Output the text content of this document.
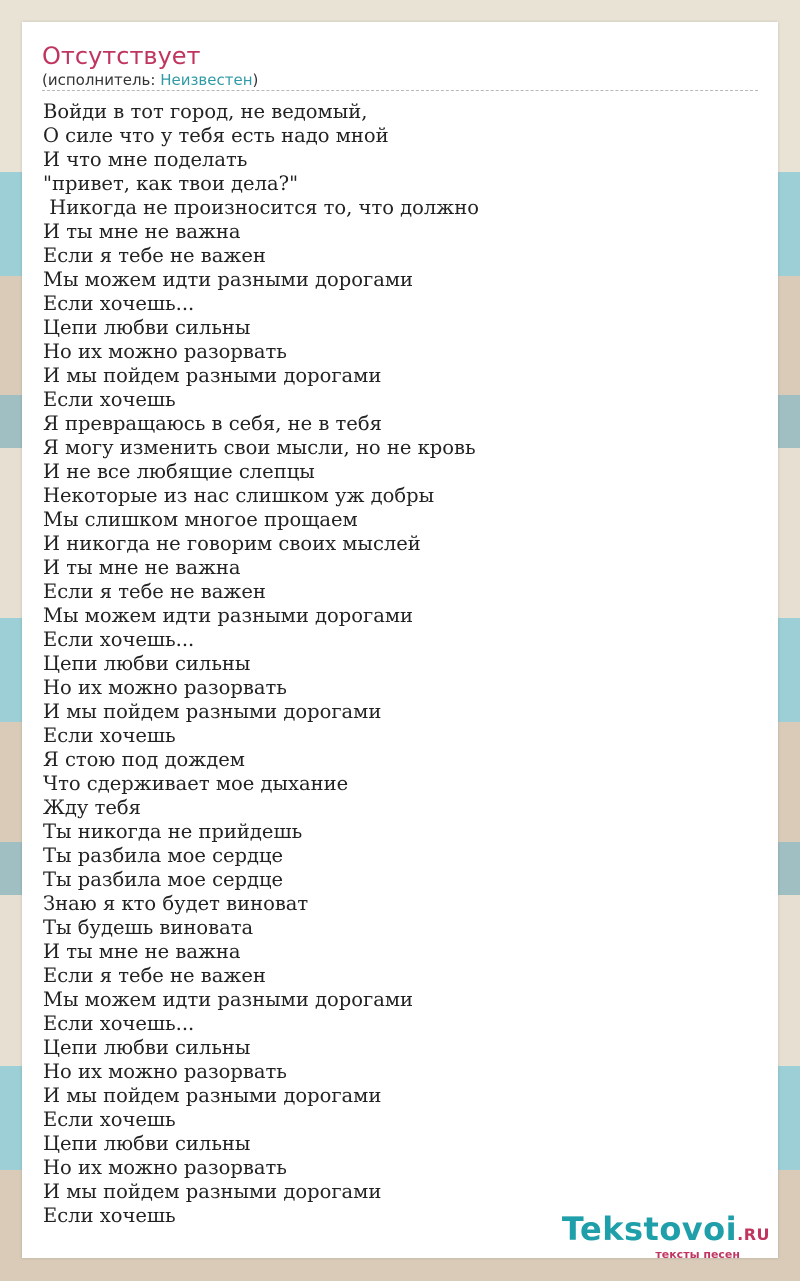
Отсутствует
(исполнитель: Неизвестен)
Войди в тот город, не ведомый,
О силе что у тебя есть надо мной
И что мне поделать
"привет, как твои дела?"
Никогда не произносится то, что должно
И ты мне не важна
Если я тебе не важен
Мы можем идти разными дорогами
Если хочешь...
Цепи любви сильны
Но их можно разорвать
И мы пойдем разными дорогами
Если хочешь
Я превращаюсь в себя, не в тебя
Я могу изменить свои мысли, но не кровь
И не все любящие слепцы
Некоторые из нас слишком уж добры
Мы слишком многое прощаем
И никогда не говорим своих мыслей
И ты мне не важна
Если я тебе не важен
Мы можем идти разными дорогами
Если хочешь...
Цепи любви сильны
Но их можно разорвать
И мы пойдем разными дорогами
Если хочешь
Я стою под дождем
Что сдерживает мое дыхание
Жду тебя
Ты никогда не прийдешь
Ты разбила мое сердце
Ты разбила мое сердце
Знаю я кто будет виноват
Ты будешь виновата
И ты мне не важна
Если я тебе не важен
Мы можем идти разными дорогами
Если хочешь...
Цепи любви сильны
Но их можно разорвать
И мы пойдем разными дорогами
Если хочешь
Цепи любви сильны
Но их можно разорвать
И мы пойдем разными дорогами
Если хочешь	Tekstovoi.RU
тексты песен
